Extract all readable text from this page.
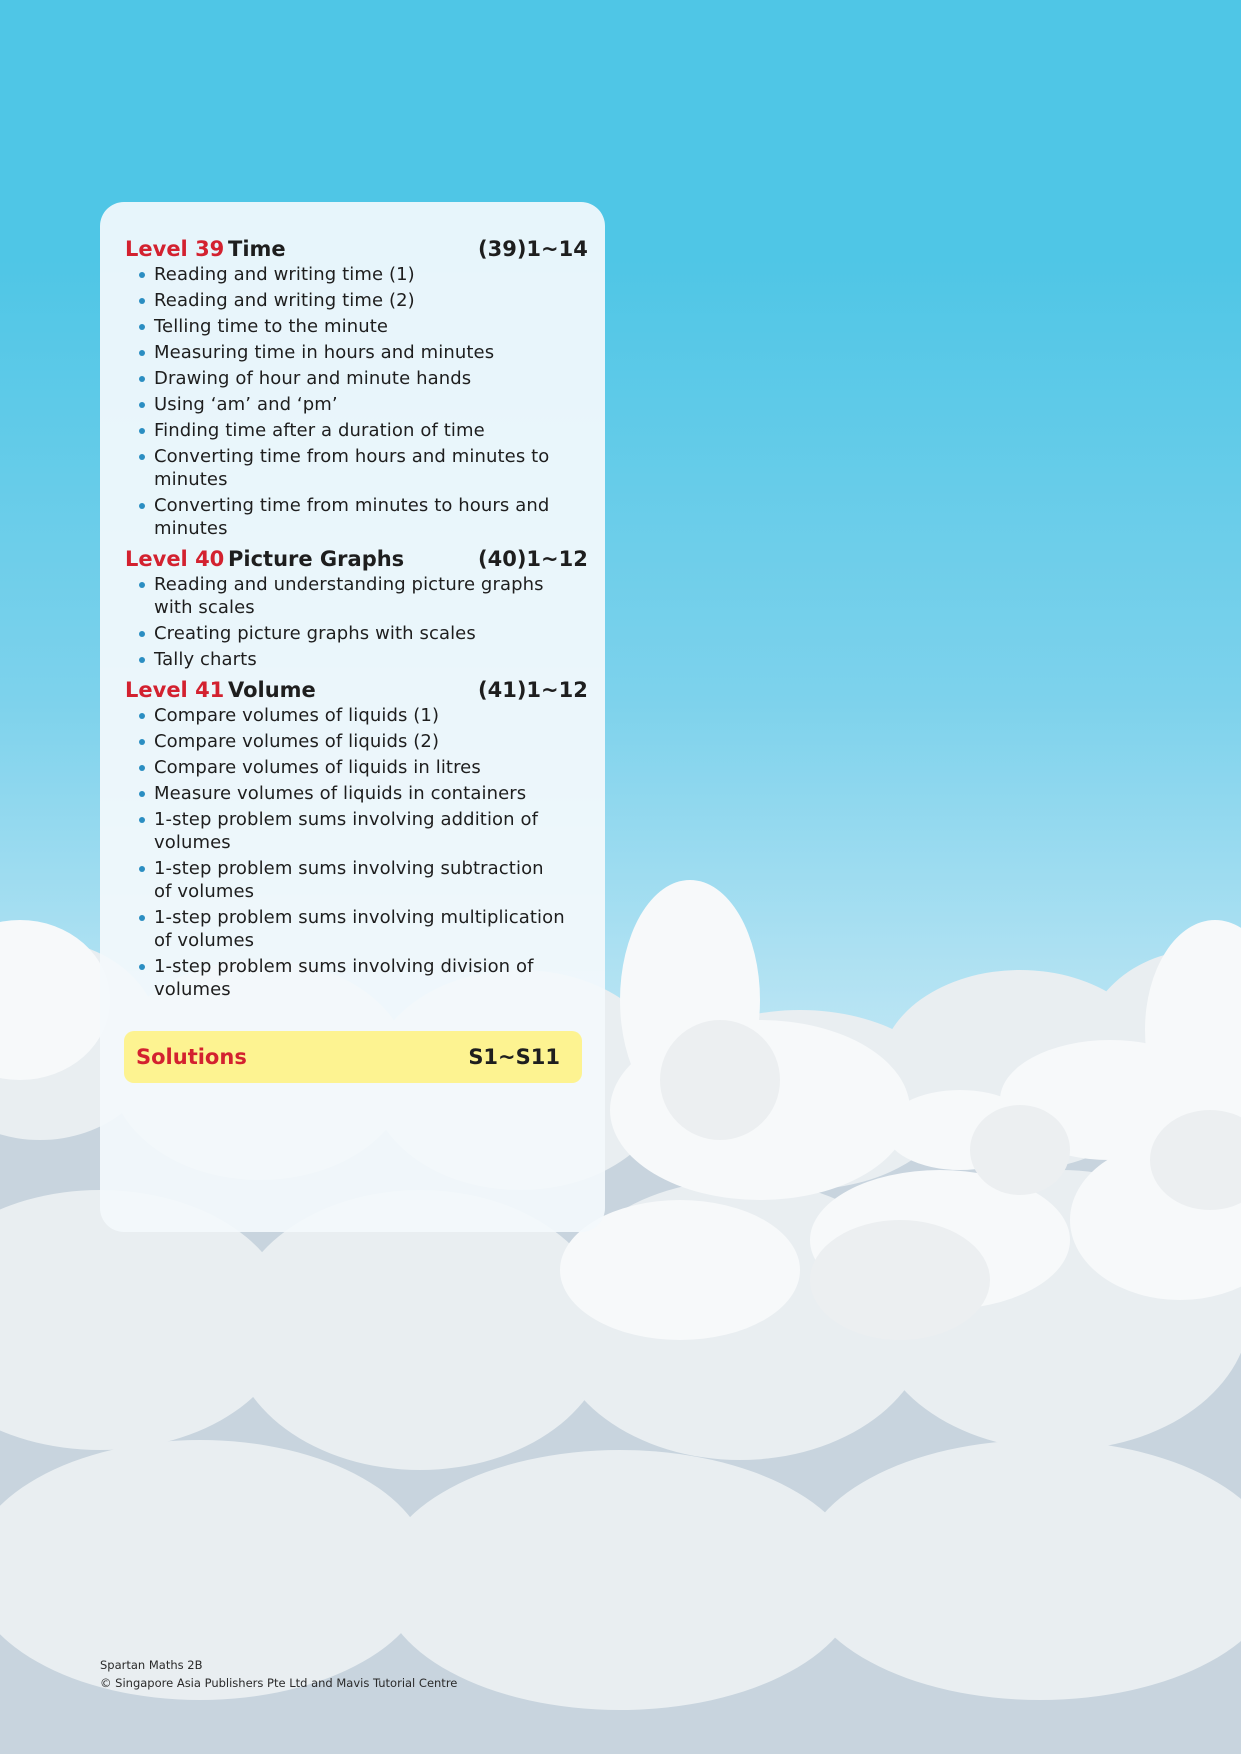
Level 39 Time	(39)1~14
Reading and writing time (1)
Reading and writing time (2)
Telling time to the minute
Measuring time in hours and minutes
Drawing of hour and minute hands
Using ‘am’ and ‘pm’
Finding time after a duration of time
Converting time from hours and minutes to minutes
Converting time from minutes to hours and minutes
Level 40 Picture Graphs	(40)1~12
Reading and understanding picture graphs with scales
Creating picture graphs with scales
Tally charts
Level 41 Volume	(41)1~12
Compare volumes of liquids (1)
Compare volumes of liquids (2)
Compare volumes of liquids in litres
Measure volumes of liquids in containers
1-step problem sums involving addition of volumes
1-step problem sums involving subtraction of volumes
1-step problem sums involving multiplication of volumes
1-step problem sums involving division of volumes
Solutions	S1~S11
Spartan Maths 2B
© Singapore Asia Publishers Pte Ltd and Mavis Tutorial Centre
